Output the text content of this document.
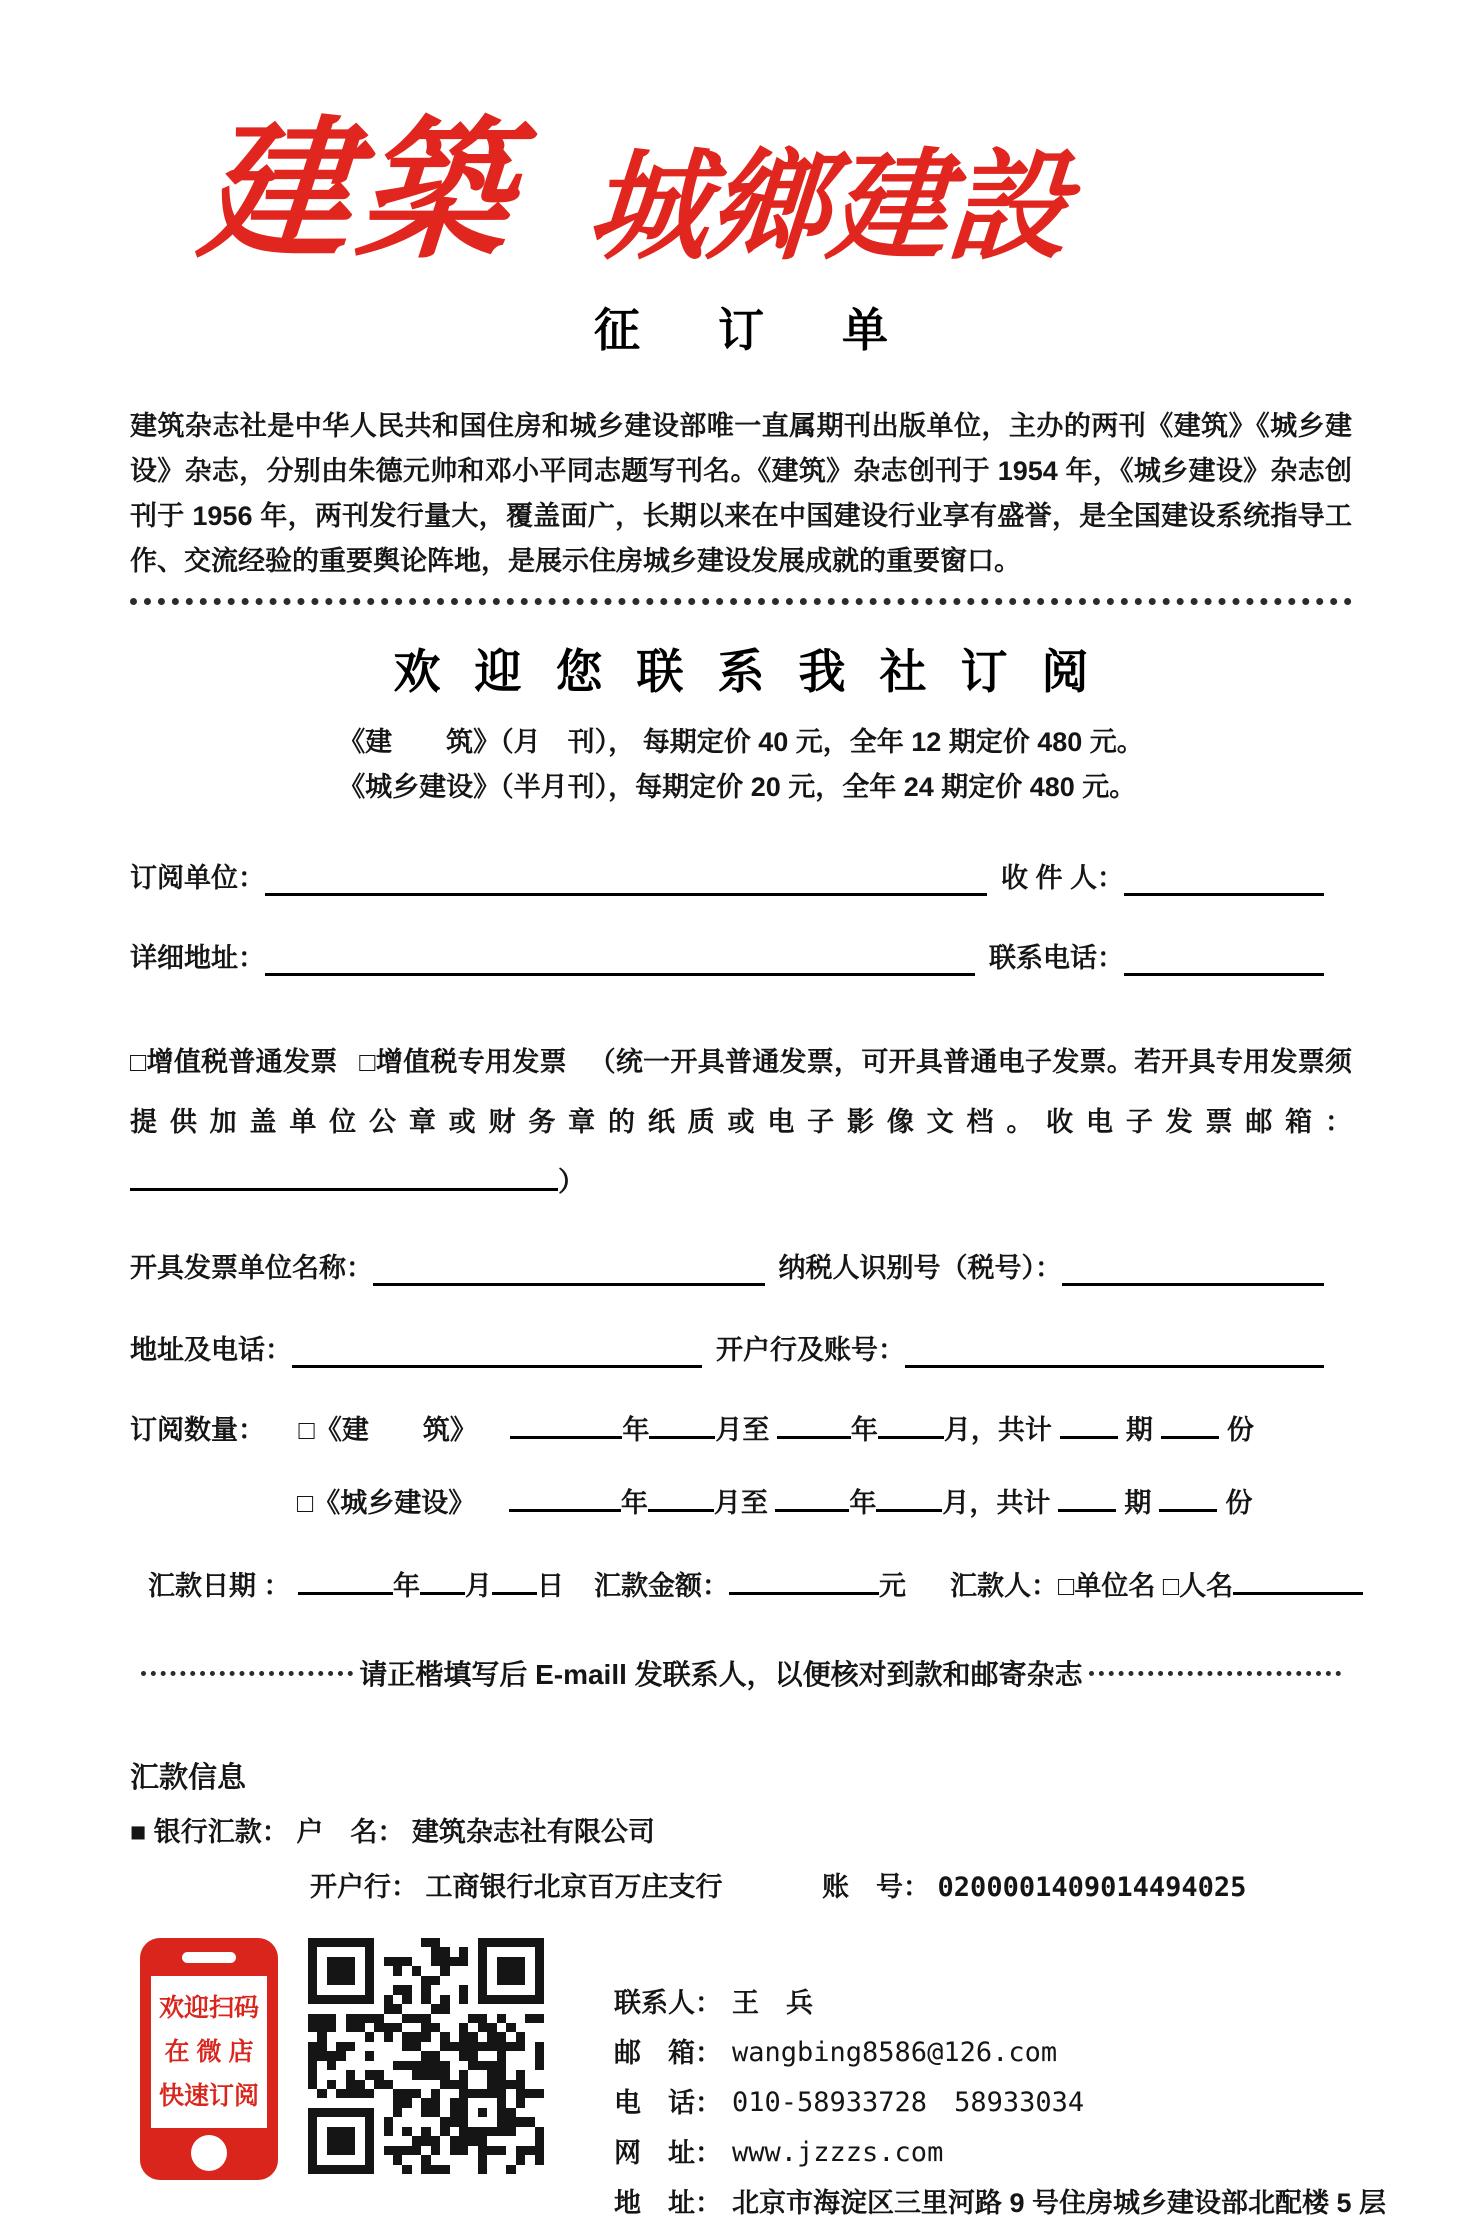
建築 城鄉建設
征订单

建筑杂志社是中华人民共和国住房和城乡建设部唯一直属期刊出版单位，主办的两刊《建筑》《城乡建设》杂志，分别由朱德元帅和邓小平同志题写刊名。《建筑》杂志创刊于 1954 年，《城乡建设》杂志创刊于 1956 年，两刊发行量大，覆盖面广，长期以来在中国建设行业享有盛誉，是全国建设系统指导工作、交流经验的重要舆论阵地，是展示住房城乡建设发展成就的重要窗口。

欢迎您联系我社订阅
《建　　筑》（月　刊）， 每期定价 40 元，全年 12 期定价 480 元。
《城乡建设》（半月刊），每期定价 20 元，全年 24 期定价 480 元。
订阅单位：	收 件 人：
详细地址：	联系电话：

□增值税普通发票 □增值税专用发票 （统一开具普通发票，可开具普通电子发票。若开具专用发票须提供加盖单位公章或财务章的纸质或电子影像文档。收电子发票邮箱：）

开具发票单位名称：	纳税人识别号（税号）：
地址及电话：	开户行及账号：

订阅数量： □《建　　筑》	年 月至	年 月，共计	期	份

□《城乡建设》	年 月至	年 月，共计	期	份

汇款日期 ：	年 月 日 汇款金额：	元 汇款人：□单位名 □人名

请正楷填写后 E-maill 发联系人，以便核对到款和邮寄杂志
汇款信息
■ 银行汇款： 户　名： 建筑杂志社有限公司
开户行： 工商银行北京百万庄支行	账　号： 0200001409014494025
欢迎扫码
在 微 店
快速订阅
联系人： 王　兵
邮　箱： wangbing8586@126.com
电　话： 010-58933728　58933034
网　址： www.jzzzs.com
地　址： 北京市海淀区三里河路 9 号住房城乡建设部北配楼 5 层
